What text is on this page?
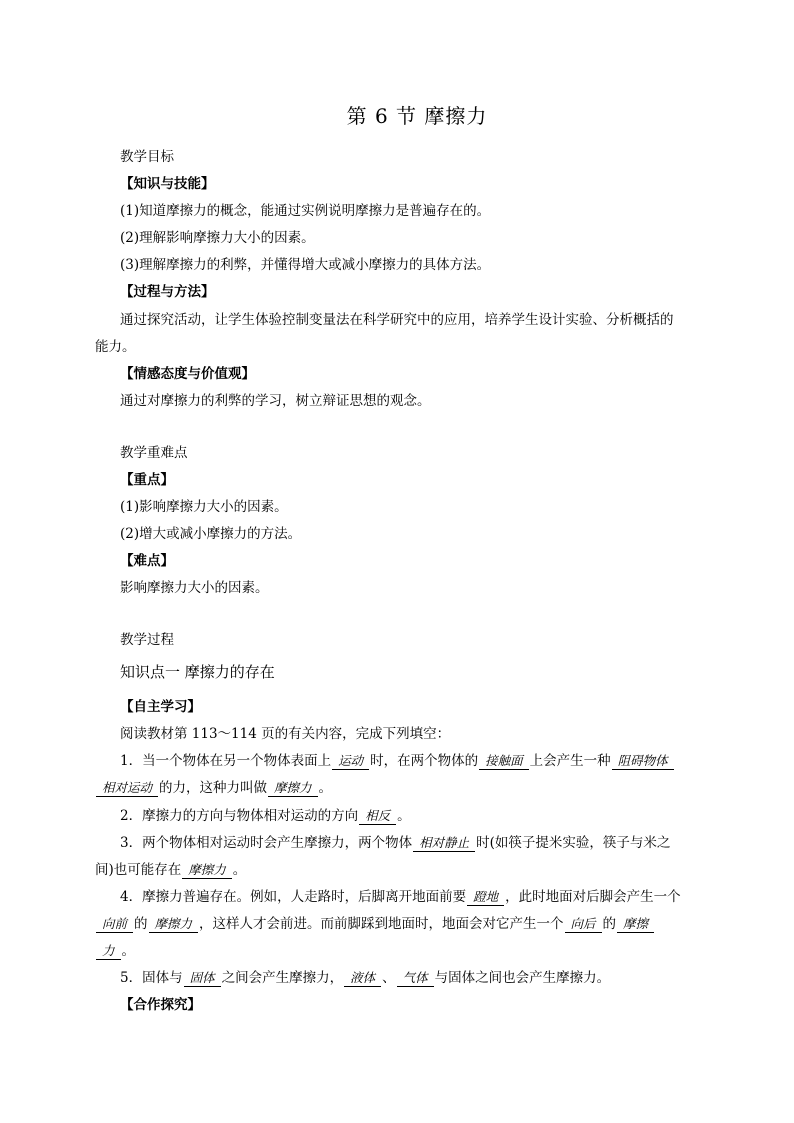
第 6 节 摩擦力
教学目标
【知识与技能】
(1)知道摩擦力的概念，能通过实例说明摩擦力是普遍存在的。
(2)理解影响摩擦力大小的因素。
(3)理解摩擦力的利弊，并懂得增大或减小摩擦力的具体方法。
【过程与方法】
通过探究活动，让学生体验控制变量法在科学研究中的应用，培养学生设计实验、分析概括的
能力。
【情感态度与价值观】
通过对摩擦力的利弊的学习，树立辩证思想的观念。
教学重难点
【重点】
(1)影响摩擦力大小的因素。
(2)增大或减小摩擦力的方法。
【难点】
影响摩擦力大小的因素。
教学过程
知识点一 摩擦力的存在
【自主学习】
阅读教材第 113～114 页的有关内容，完成下列填空：
1．当一个物体在另一个物体表面上 运动 时，在两个物体的 接触面 上会产生一种 阻碍物体
相对运动 的力，这种力叫做 摩擦力 。
2．摩擦力的方向与物体相对运动的方向 相反 。
3．两个物体相对运动时会产生摩擦力，两个物体 相对静止 时(如筷子提米实验，筷子与米之
间)也可能存在 摩擦力 。
4．摩擦力普遍存在。例如，人走路时，后脚离开地面前要 蹬地 ，此时地面对后脚会产生一个
向前 的 摩擦力 ，这样人才会前进。而前脚踩到地面时，地面会对它产生一个 向后 的 摩擦
力 。
5．固体与 固体 之间会产生摩擦力， 液体 、 气体 与固体之间也会产生摩擦力。
【合作探究】
